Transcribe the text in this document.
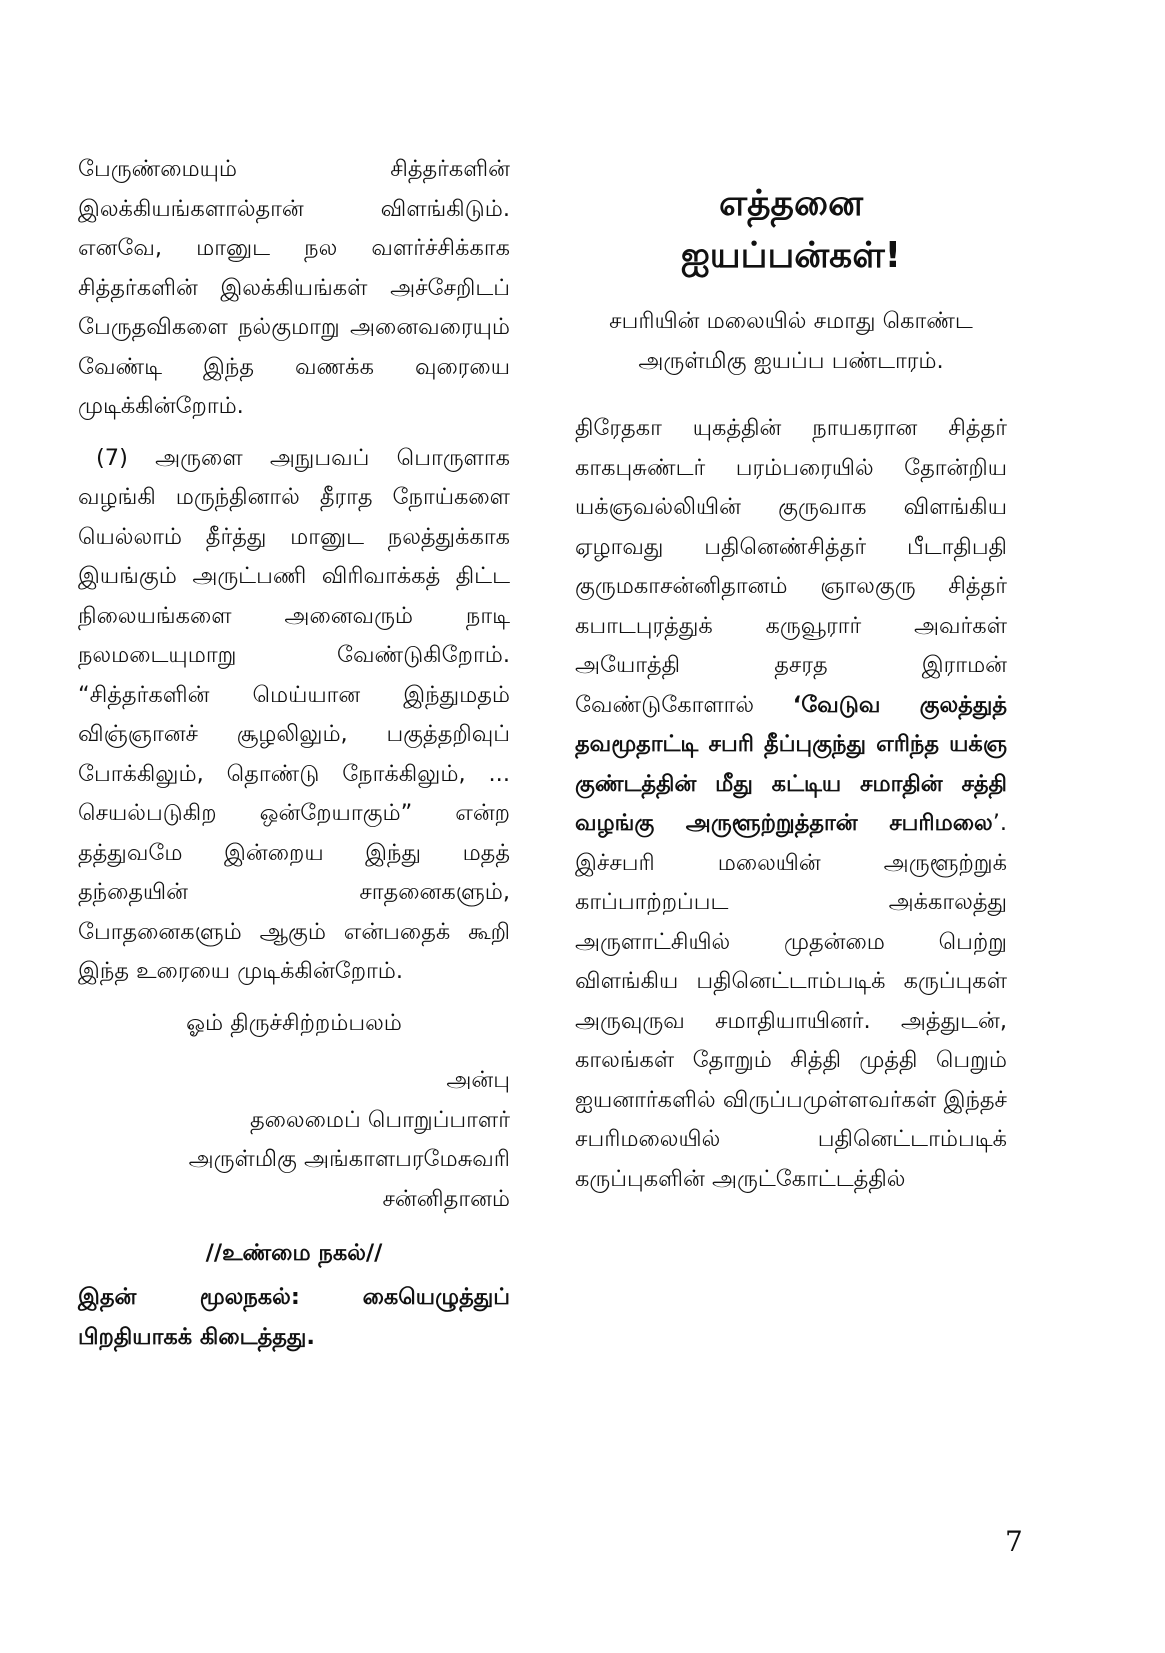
பேருண்மையும் சித்தர்களின் இலக்கியங்களால்தான் விளங்கிடும். எனவே, மானுட நல வளர்ச்சிக்காக சித்தர்களின் இலக்கியங்கள் அச்சேறிடப் பேருதவிகளை நல்குமாறு அனைவரையும் வேண்டி இந்த வணக்க வுரையை முடிக்கின்றோம்.

(7) அருளை அநுபவப் பொருளாக வழங்கி மருந்தினால் தீராத நோய்களை யெல்லாம் தீர்த்து மானுட நலத்துக்காக இயங்கும் அருட்பணி விரிவாக்கத் திட்ட நிலையங்களை அனைவரும் நாடி நலமடையுமாறு வேண்டுகிறோம். “சித்தர்களின் மெய்யான இந்துமதம் விஞ்ஞானச் சூழலிலும், பகுத்தறிவுப் போக்கிலும், தொண்டு நோக்கிலும், ... செயல்படுகிற ஒன்றேயாகும்” என்ற தத்துவமே இன்றைய இந்து மதத் தந்தையின் சாதனைகளும், போதனைகளும் ஆகும் என்பதைக் கூறி இந்த உரையை முடிக்கின்றோம்.

ஓம் திருச்சிற்றம்பலம்

அன்பு

தலைமைப் பொறுப்பாளர்

அருள்மிகு அங்காளபரமேசுவரி

சன்னிதானம்

//உண்மை நகல்//

இதன் மூலநகல்:	கையெழுத்துப் பிறதியாகக் கிடைத்தது.

எத்தனை
ஐயப்பன்கள்!

சபரியின் மலையில் சமாது கொண்ட அருள்மிகு ஐயப்ப பண்டாரம்.

திரேதகா யுகத்தின் நாயகரான சித்தர் காகபுசுண்டர் பரம்பரையில் தோன்றிய யக்ஞவல்லியின் குருவாக விளங்கிய ஏழாவது பதினெண்சித்தர் பீடாதிபதி குருமகாசன்னிதானம் ஞாலகுரு சித்தர் கபாடபுரத்துக் கருவூரார் அவர்கள் அயோத்தி தசரத இராமன் வேண்டுகோளால் ‘வேடுவ குலத்துத் தவமூதாட்டி சபரி தீப்புகுந்து எரிந்த யக்ஞ குண்டத்தின் மீது கட்டிய சமாதின் சத்தி வழங்கு அருளூற்றுத்தான் சபரிமலை’. இச்சபரி மலையின் அருளூற்றுக் காப்பாற்றப்பட அக்காலத்து அருளாட்சியில் முதன்மை பெற்று விளங்கிய பதினெட்டாம்படிக் கருப்புகள் அருவுருவ சமாதியாயினர். அத்துடன், காலங்கள் தோறும் சித்தி முத்தி பெறும் ஐயனார்களில் விருப்பமுள்ளவர்கள் இந்தச் சபரிமலையில் பதினெட்டாம்படிக் கருப்புகளின் அருட்கோட்டத்தில்

7
